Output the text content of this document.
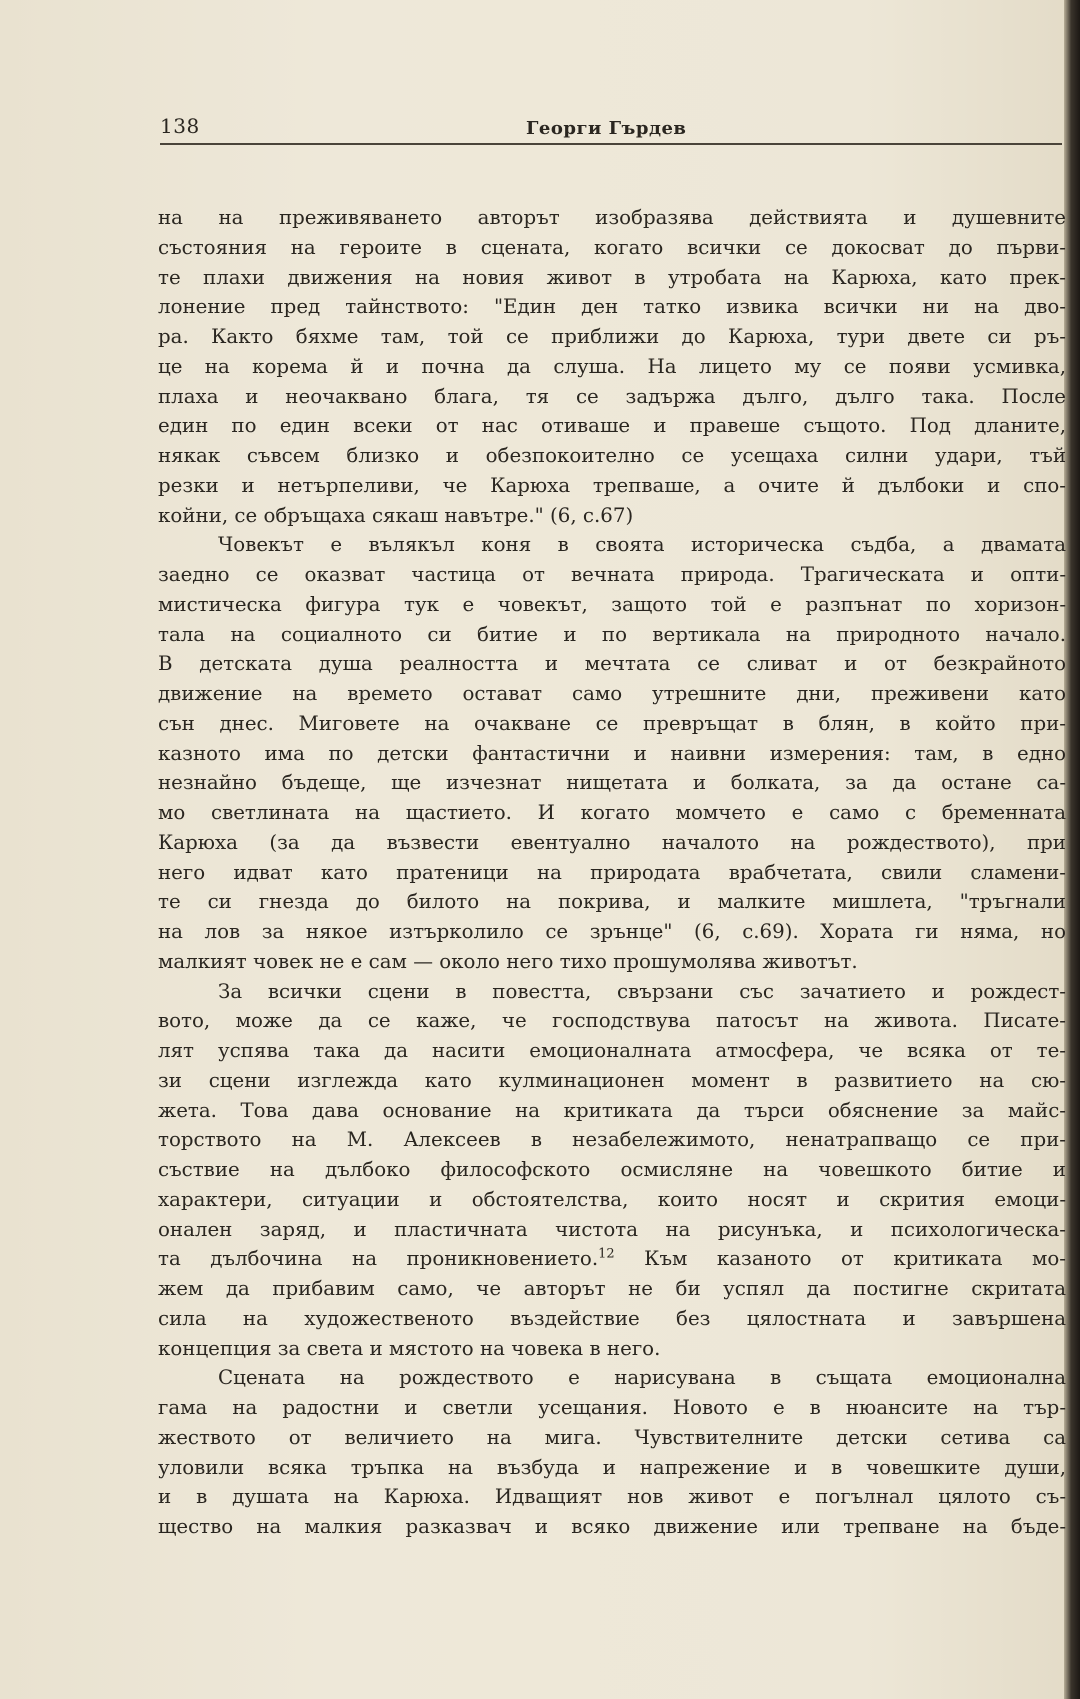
138	Георги Гърдев
на на преживяването авторът изобразява действията и душевните
състояния на героите в сцената, когато всички се докосват до първи-
те плахи движения на новия живот в утробата на Карюха, като прек-
лонение пред тайнството: "Един ден татко извика всички ни на дво-
ра. Както бяхме там, той се приближи до Карюха, тури двете си ръ-
це на корема й и почна да слуша. На лицето му се появи усмивка,
плаха и неочаквано блага, тя се задържа дълго, дълго така. После
един по един всеки от нас отиваше и правеше същото. Под дланите,
някак съвсем близко и обезпокоително се усещаха силни удари, тъй
резки и нетърпеливи, че Карюха трепваше, а очите й дълбоки и спо-
койни, се обръщаха сякаш навътре." (6, с.67)
Човекът е вълякъл коня в своята историческа съдба, а двамата
заедно се оказват частица от вечната природа. Трагическата и опти-
мистическа фигура тук е човекът, защото той е разпънат по хоризон-
тала на социалното си битие и по вертикала на природното начало.
В детската душа реалността и мечтата се сливат и от безкрайното
движение на времето остават само утрешните дни, преживени като
сън днес. Миговете на очакване се превръщат в блян, в който при-
казното има по детски фантастични и наивни измерения: там, в едно
незнайно бъдеще, ще изчезнат нищетата и болката, за да остане са-
мо светлината на щастието. И когато момчето е само с бременната
Карюха (за да възвести евентуално началото на рождеството), при
него идват като пратеници на природата врабчетата, свили сламени-
те си гнезда до билото на покрива, и малките мишлета, "тръгнали
на лов за някое изтърколило се зрънце" (6, с.69). Хората ги няма, но
малкият човек не е сам — около него тихо прошумолява животът.
За всички сцени в повестта, свързани със зачатието и рождест-
вото, може да се каже, че господствува патосът на живота. Писате-
лят успява така да насити емоционалната атмосфера, че всяка от те-
зи сцени изглежда като кулминационен момент в развитието на сю-
жета. Това дава основание на критиката да търси обяснение за майс-
торството на М. Алексеев в незабележимото, ненатрапващо се при-
съствие на дълбоко философското осмисляне на човешкото битие и
характери, ситуации и обстоятелства, които носят и скрития емоци-
онален заряд, и пластичната чистота на рисунъка, и психологическа-
та дълбочина на проникновението.$^{12}$ Към казаното от критиката мо-
жем да прибавим само, че авторът не би успял да постигне скритата
сила на художественото въздействие без цялостната и завършена
концепция за света и мястото на човека в него.
Сцената на рождеството е нарисувана в същата емоционална
гама на радостни и светли усещания. Новото е в нюансите на тър-
жеството от величието на мига. Чувствителните детски сетива са
уловили всяка тръпка на възбуда и напрежение и в човешките души,
и в душата на Карюха. Идващият нов живот е погълнал цялото съ-
щество на малкия разказвач и всяко движение или трепване на бъде-
